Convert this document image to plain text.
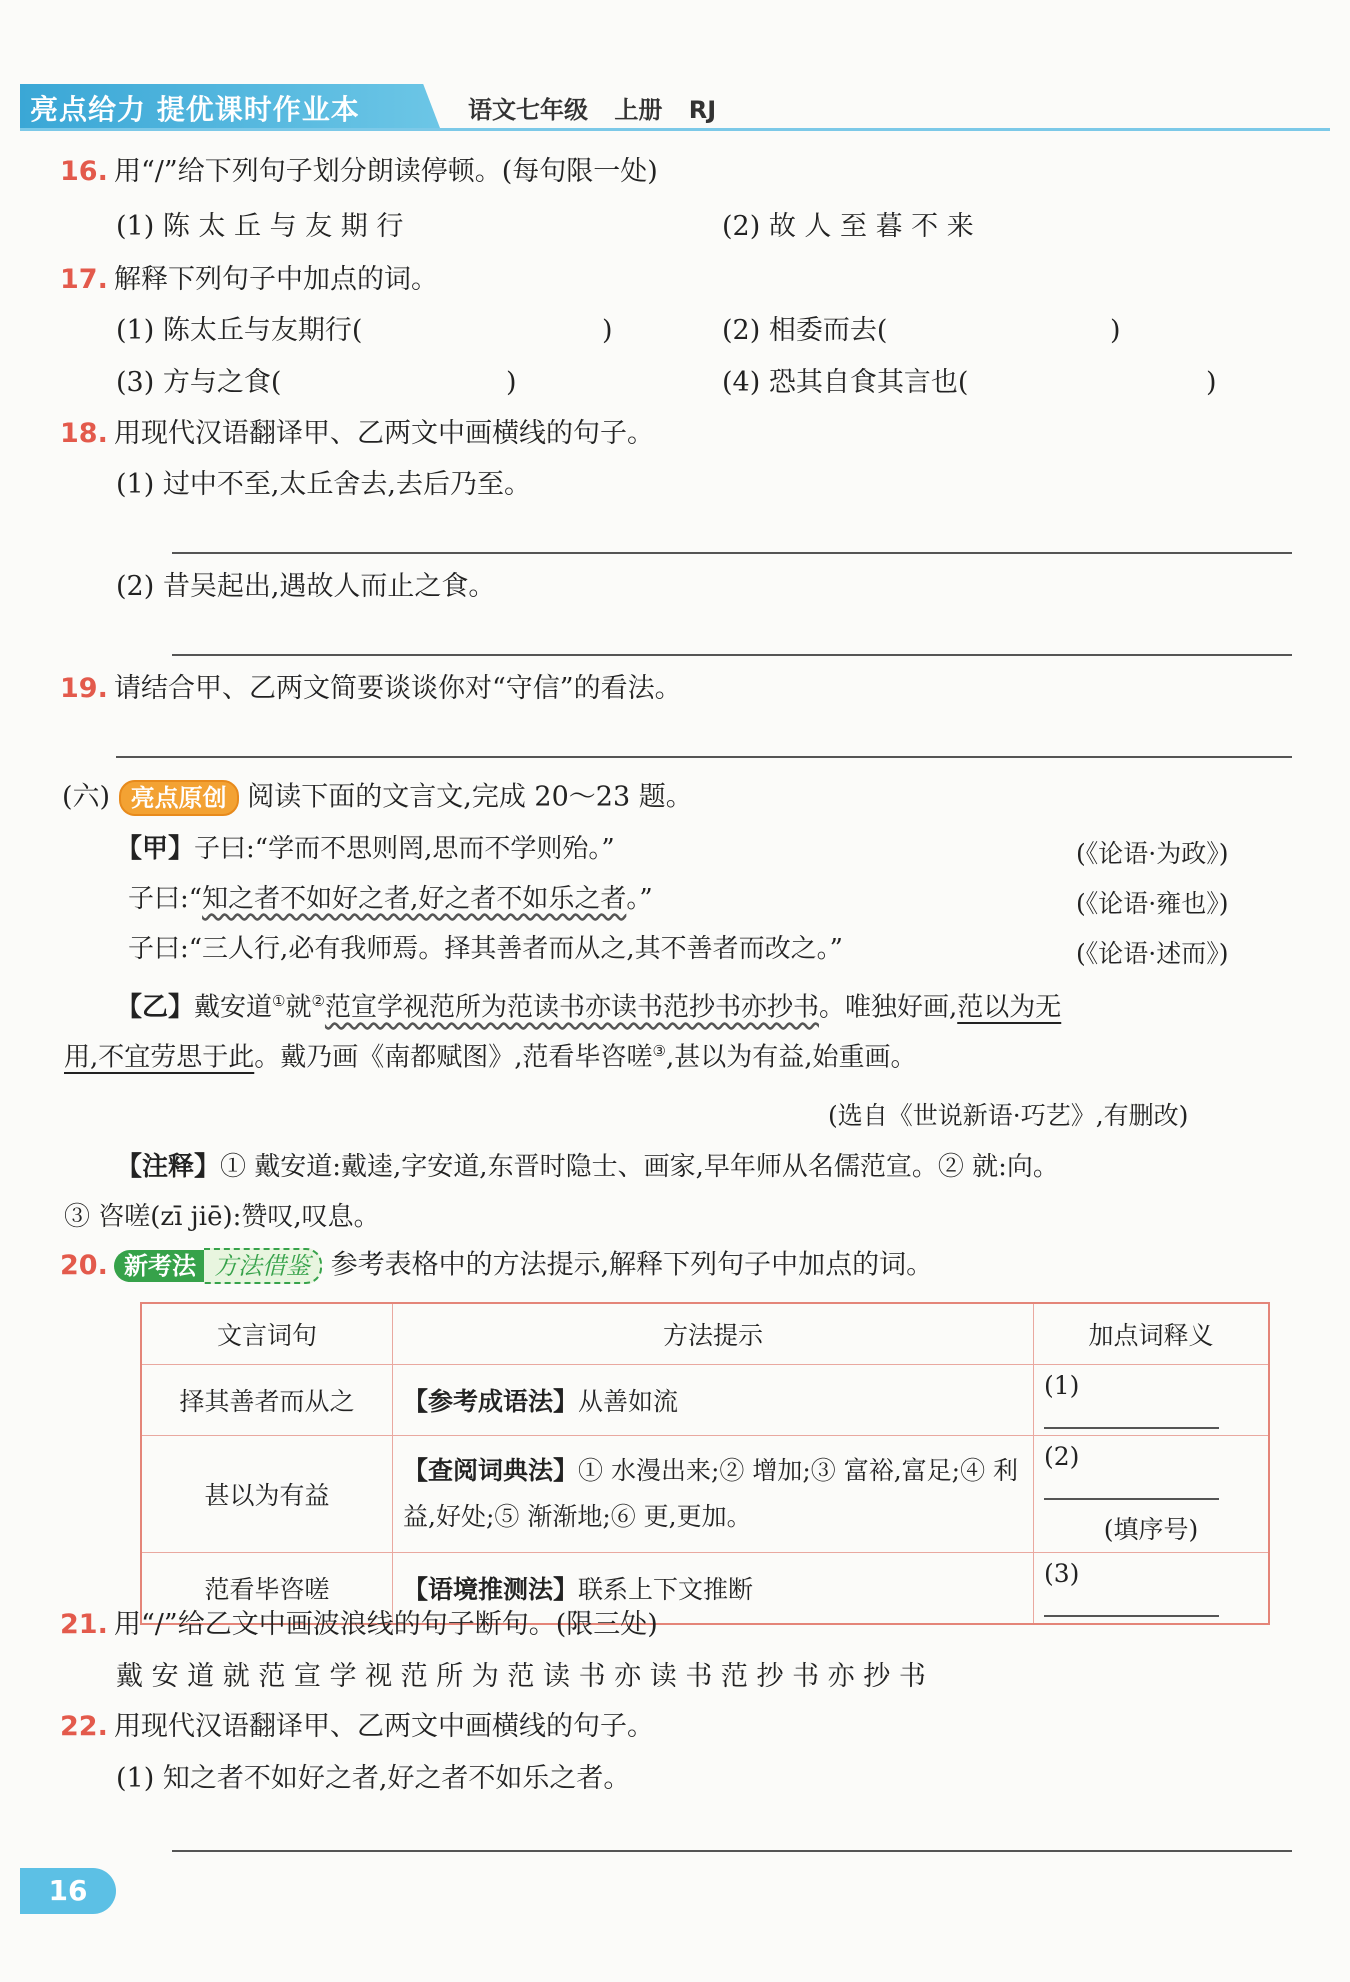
亮点给力 提优课时作业本	语文七年级 上册 RJ
16. 用“/”给下列句子划分朗读停顿。(每句限一处)
(1) 陈 太 丘 与 友 期 行	(2) 故 人 至 暮 不 来
17. 解释下列句子中加点的词。
(1) 陈太丘与友期行(	)	(2) 相委而去(	)
(3) 方与之食(	)	(4) 恐其自食其言也(	)
18. 用现代汉语翻译甲、乙两文中画横线的句子。
(1) 过中不至,太丘舍去,去后乃至。
(2) 昔吴起出,遇故人而止之食。
19. 请结合甲、乙两文简要谈谈你对“守信”的看法。
(六) 亮点原创 阅读下面的文言文,完成 20～23 题。
【甲】子曰:“学而不思则罔,思而不学则殆。”	(《论语·为政》)
子曰:“知之者不如好之者,好之者不如乐之者。”	(《论语·雍也》)
子曰:“三人行,必有我师焉。择其善者而从之,其不善者而改之。”	(《论语·述而》)
【乙】戴安道①就②范宣学视范所为范读书亦读书范抄书亦抄书。唯独好画,范以为无
用,不宜劳思于此。戴乃画《南都赋图》,范看毕咨嗟③,甚以为有益,始重画。
(选自《世说新语·巧艺》,有删改)
【注释】① 戴安道:戴逵,字安道,东晋时隐士、画家,早年师从名儒范宣。② 就:向。
③ 咨嗟(zī jiē):赞叹,叹息。
20. 新考法 方法借鉴 参考表格中的方法提示,解释下列句子中加点的词。
文言词句	方法提示	加点词释义
择其善者而从之	【参考成语法】从善如流	(1)
甚以为有益	【查阅词典法】① 水漫出来;② 增加;③ 富裕,富足;④ 利益,好处;⑤ 渐渐地;⑥ 更,更加。	(2)
(填序号)

范看毕咨嗟	【语境推测法】联系上下文推断	(3)
21. 用“/”给乙文中画波浪线的句子断句。(限三处)
戴 安 道 就 范 宣 学 视 范 所 为 范 读 书 亦 读 书 范 抄 书 亦 抄 书
22. 用现代汉语翻译甲、乙两文中画横线的句子。
(1) 知之者不如好之者,好之者不如乐之者。
16
